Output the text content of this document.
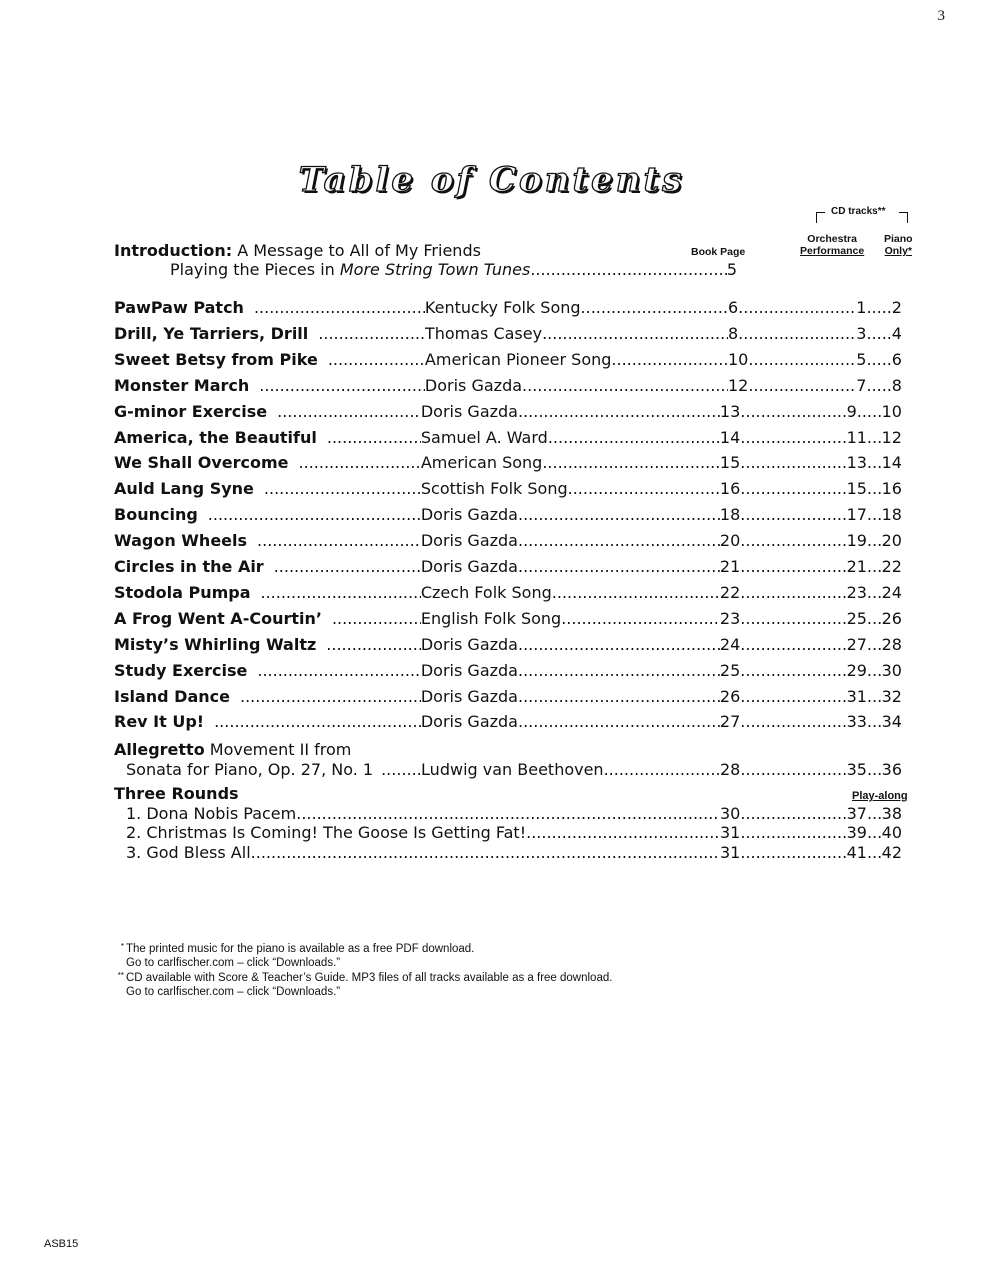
3
Table of Contents
CD tracks**
Orchestra
Performance
Piano
Only*
Book Page
Introduction: A Message to All of My Friends
Playing the Pieces in More String Town Tunes .....	5
PawPaw Patch .....	Kentucky Folk Song .....	6 .....	1 ..... 2
Drill, Ye Tarriers, Drill .....	Thomas Casey .....	8 .....	3 ..... 4
Sweet Betsy from Pike .....	American Pioneer Song .....	10 .....	5 ..... 6
Monster March .....	Doris Gazda .....	12 .....	7 ..... 8
G-minor Exercise .....	Doris Gazda .....	13 .....	9 ..... 10
America, the Beautiful .....	Samuel A. Ward .....	14 .....	11 ..... 12
We Shall Overcome .....	American Song .....	15 .....	13 ..... 14
Auld Lang Syne .....	Scottish Folk Song .....	16 .....	15 ..... 16
Bouncing .....	Doris Gazda .....	18 .....	17 ..... 18
Wagon Wheels .....	Doris Gazda .....	20 .....	19 ..... 20
Circles in the Air .....	Doris Gazda .....	21 .....	21 ..... 22
Stodola Pumpa .....	Czech Folk Song .....	22 .....	23 ..... 24
A Frog Went A-Courtin’ .....	English Folk Song .....	23 .....	25 ..... 26
Misty’s Whirling Waltz .....	Doris Gazda .....	24 .....	27 ..... 28
Study Exercise .....	Doris Gazda .....	25 .....	29 ..... 30
Island Dance .....	Doris Gazda .....	26 .....	31 ..... 32
Rev It Up! .....	Doris Gazda .....	27 .....	33 ..... 34
Allegretto Movement II from
Sonata for Piano, Op. 27, No. 1 .....	Ludwig van Beethoven .....	28 .....	35 ..... 36
Three Rounds	Play-along
1. Dona Nobis Pacem .....	30 .....	37 ..... 38
2. Christmas Is Coming! The Goose Is Getting Fat! .....	31 .....	39 ..... 40
3. God Bless All .....	31 .....	41 ..... 42
* The printed music for the piano is available as a free PDF download.
Go to carlfischer.com – click “Downloads.”
** CD available with Score & Teacher’s Guide. MP3 files of all tracks available as a free download.
Go to carlfischer.com – click “Downloads.”
ASB15
